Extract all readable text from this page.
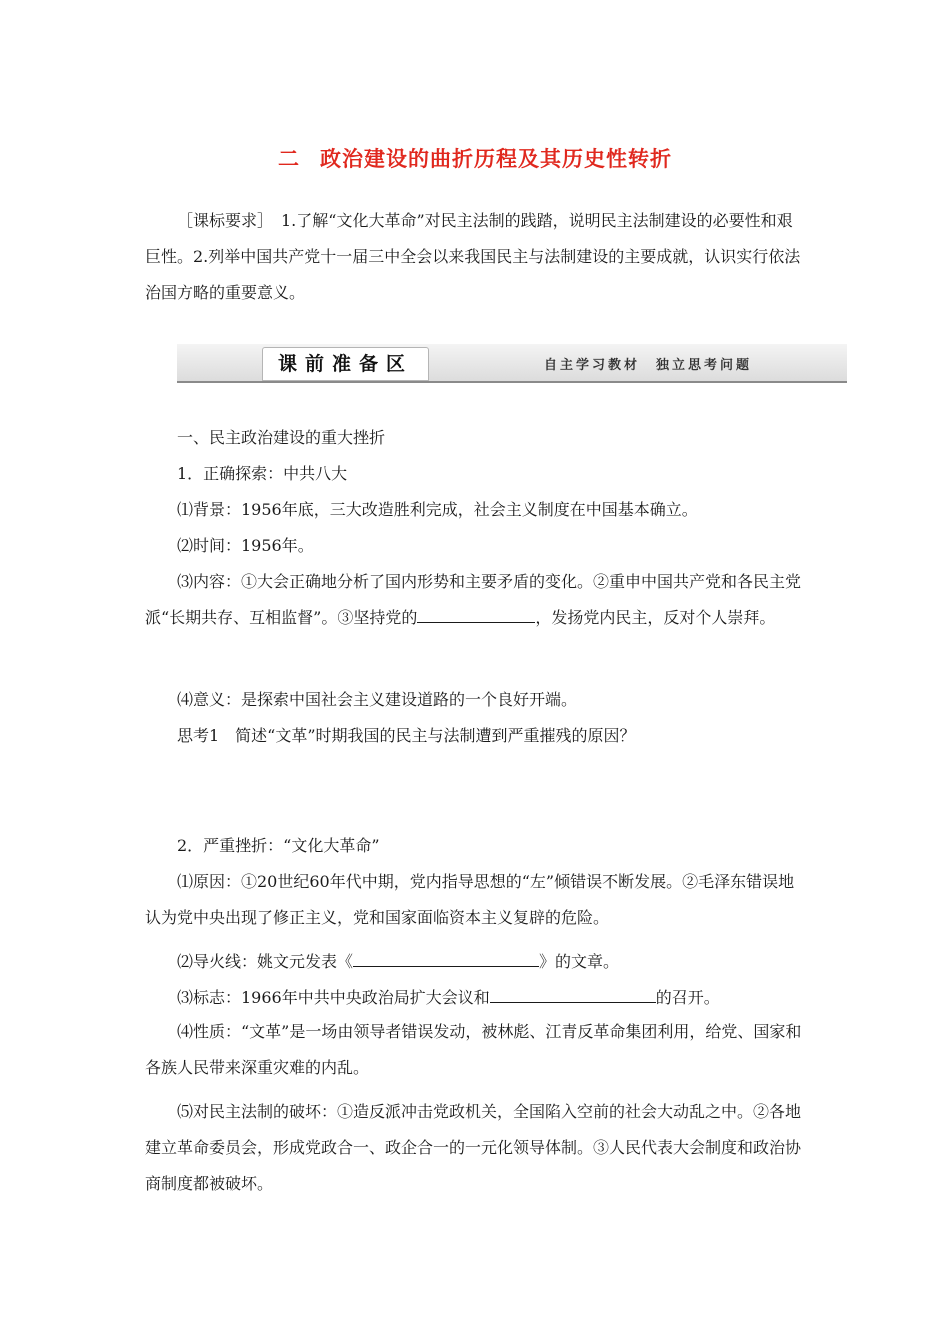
二 政治建设的曲折历程及其历史性转折
［课标要求］　1.了解“文化大革命”对民主法制的践踏，说明民主法制建设的必要性和艰巨性。2.列举中国共产党十一届三中全会以来我国民主与法制建设的主要成就，认识实行依法治国方略的重要意义。
课前准备区	自主学习教材　独立思考问题
一、民主政治建设的重大挫折
1．正确探索：中共八大
⑴背景：1956年底，三大改造胜利完成，社会主义制度在中国基本确立。
⑵时间：1956年。
⑶内容：①大会正确地分析了国内形势和主要矛盾的变化。②重申中国共产党和各民主党派“长期共存、互相监督”。③坚持党的	，发扬党内民主，反对个人崇拜。
⑷意义：是探索中国社会主义建设道路的一个良好开端。
思考1　简述“文革”时期我国的民主与法制遭到严重摧残的原因？
2．严重挫折：“文化大革命”
⑴原因：①20世纪60年代中期，党内指导思想的“左”倾错误不断发展。②毛泽东错误地认为党中央出现了修正主义，党和国家面临资本主义复辟的危险。
⑵导火线：姚文元发表《	》的文章。
⑶标志：1966年中共中央政治局扩大会议和	的召开。
⑷性质：“文革”是一场由领导者错误发动，被林彪、江青反革命集团利用，给党、国家和各族人民带来深重灾难的内乱。
⑸对民主法制的破坏：①造反派冲击党政机关，全国陷入空前的社会大动乱之中。②各地建立革命委员会，形成党政合一、政企合一的一元化领导体制。③人民代表大会制度和政治协商制度都被破坏。
